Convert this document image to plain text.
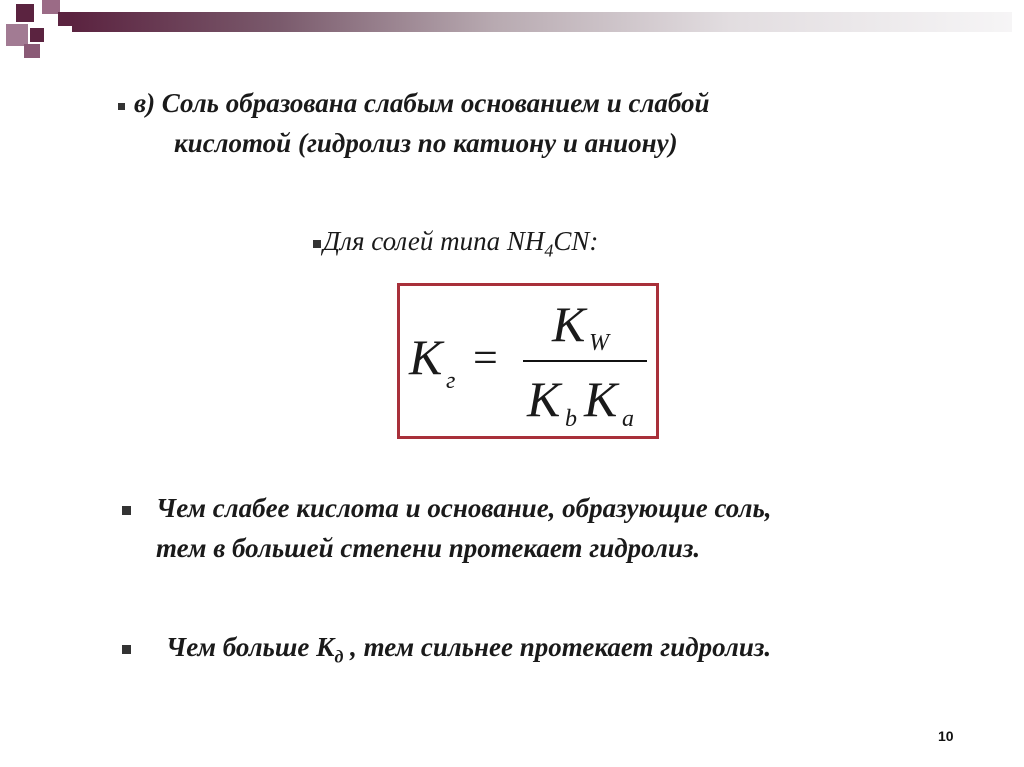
в) Соль образована слабым основанием и слабой
кислотой (гидролиз по катиону и аниону)
Для солей типа $NH_4CN$:
K г =
K W
K b K a
Чем слабее кислота и основание, образующие соль,
тем в большей степени протекает гидролиз.
Чем больше $К_д$ , тем сильнее протекает гидролиз.
10
